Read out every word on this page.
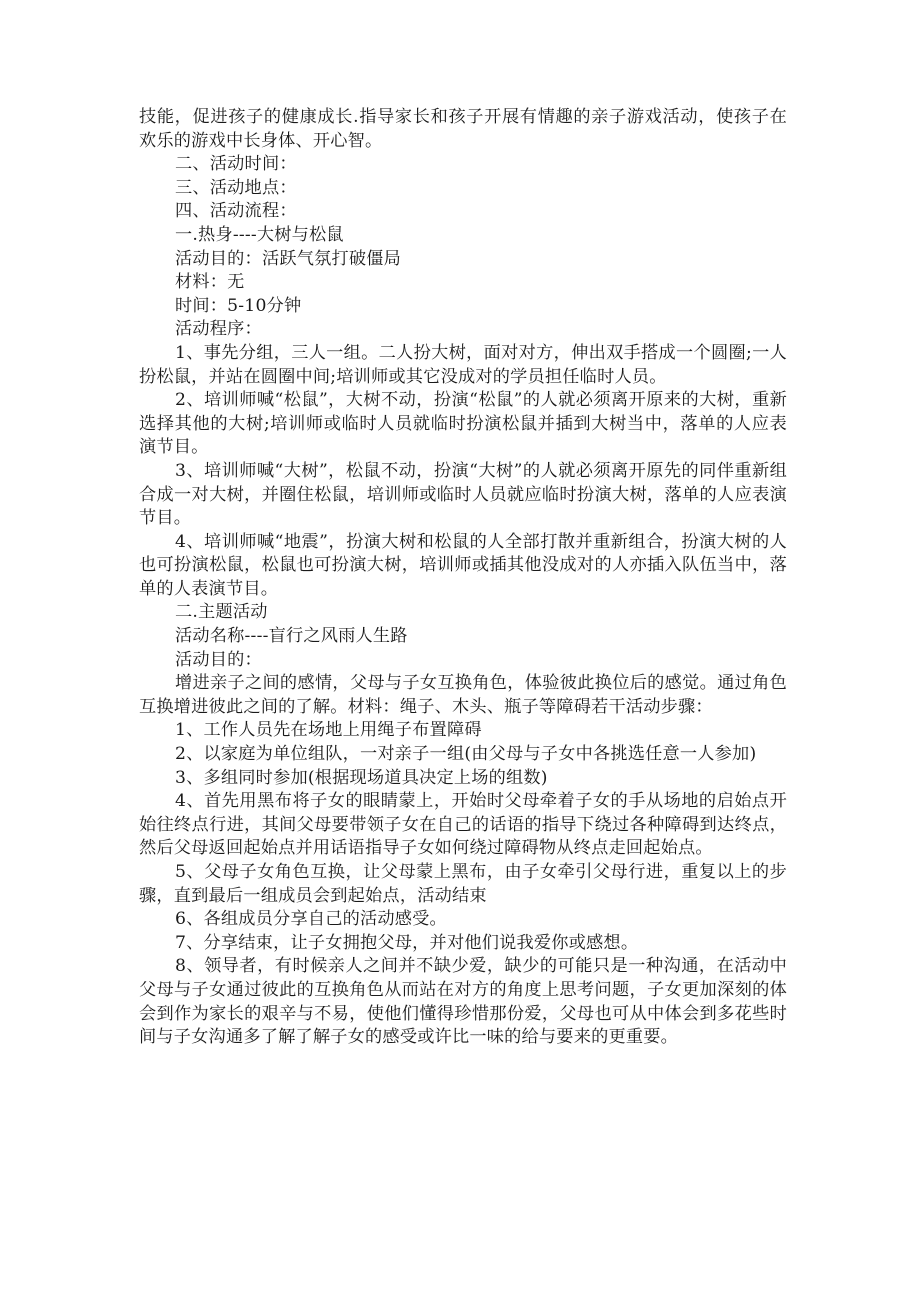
技能，促进孩子的健康成长.指导家长和孩子开展有情趣的亲子游戏活动，使孩子在欢乐的游戏中长身体、开心智。

二、活动时间：

三、活动地点：

四、活动流程：

一.热身----大树与松鼠

活动目的：活跃气氛打破僵局

材料：无

时间：5-10分钟

活动程序：

1、事先分组，三人一组。二人扮大树，面对对方，伸出双手搭成一个圆圈;一人扮松鼠，并站在圆圈中间;培训师或其它没成对的学员担任临时人员。

2、培训师喊“松鼠”，大树不动，扮演“松鼠”的人就必须离开原来的大树，重新选择其他的大树;培训师或临时人员就临时扮演松鼠并插到大树当中，落单的人应表演节目。

3、培训师喊“大树”，松鼠不动，扮演“大树”的人就必须离开原先的同伴重新组合成一对大树，并圈住松鼠，培训师或临时人员就应临时扮演大树，落单的人应表演节目。

4、培训师喊“地震”，扮演大树和松鼠的人全部打散并重新组合，扮演大树的人也可扮演松鼠，松鼠也可扮演大树，培训师或插其他没成对的人亦插入队伍当中，落单的人表演节目。

二.主题活动

活动名称----盲行之风雨人生路

活动目的：

增进亲子之间的感情，父母与子女互换角色，体验彼此换位后的感觉。通过角色互换增进彼此之间的了解。材料：绳子、木头、瓶子等障碍若干活动步骤：

1、工作人员先在场地上用绳子布置障碍

2、以家庭为单位组队，一对亲子一组(由父母与子女中各挑选任意一人参加)

3、多组同时参加(根据现场道具决定上场的组数)

4、首先用黑布将子女的眼睛蒙上，开始时父母牵着子女的手从场地的启始点开始往终点行进，其间父母要带领子女在自己的话语的指导下绕过各种障碍到达终点，然后父母返回起始点并用话语指导子女如何绕过障碍物从终点走回起始点。

5、父母子女角色互换，让父母蒙上黑布，由子女牵引父母行进，重复以上的步骤，直到最后一组成员会到起始点，活动结束

6、各组成员分享自己的活动感受。

7、分享结束，让子女拥抱父母，并对他们说我爱你或感想。

8、领导者，有时候亲人之间并不缺少爱，缺少的可能只是一种沟通，在活动中父母与子女通过彼此的互换角色从而站在对方的角度上思考问题，子女更加深刻的体会到作为家长的艰辛与不易，使他们懂得珍惜那份爱，父母也可从中体会到多花些时间与子女沟通多了解了解子女的感受或许比一味的给与要来的更重要。
